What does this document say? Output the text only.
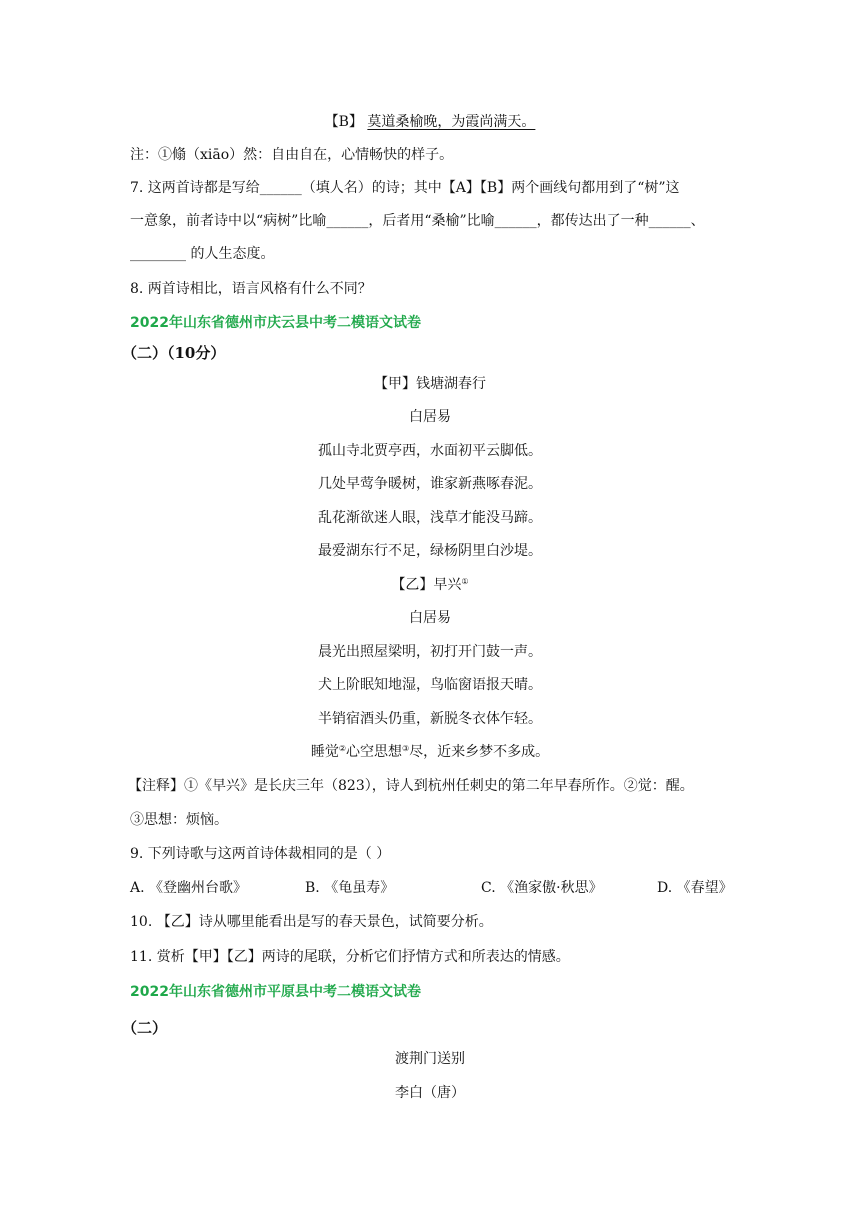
【B】 莫道桑榆晚，为霞尚满天。
注：①翛（xiāo）然：自由自在，心情畅快的样子。
7. 这两首诗都是写给______（填人名）的诗；其中【A】【B】两个画线句都用到了“树”这
一意象，前者诗中以“病树”比喻______，后者用“桑榆”比喻______，都传达出了一种______、
________ 的人生态度。
8. 两首诗相比，语言风格有什么不同？
2022年山东省德州市庆云县中考二模语文试卷
（二）（10分）
【甲】钱塘湖春行
白居易
孤山寺北贾亭西，水面初平云脚低。
几处早莺争暖树，谁家新燕啄春泥。
乱花渐欲迷人眼，浅草才能没马蹄。
最爱湖东行不足，绿杨阴里白沙堤。
【乙】早兴①
白居易
晨光出照屋梁明，初打开门鼓一声。
犬上阶眠知地湿，鸟临窗语报天晴。
半销宿酒头仍重，新脱冬衣体乍轻。
睡觉②心空思想③尽，近来乡梦不多成。
【注释】①《早兴》是长庆三年（823），诗人到杭州任刺史的第二年早春所作。②觉：醒。
③思想：烦恼。
9. 下列诗歌与这两首诗体裁相同的是（ ）
A. 《登幽州台歌》	B. 《龟虽寿》	C. 《渔家傲·秋思》	D. 《春望》
10. 【乙】诗从哪里能看出是写的春天景色，试简要分析。
11. 赏析【甲】【乙】两诗的尾联，分析它们抒情方式和所表达的情感。
2022年山东省德州市平原县中考二模语文试卷
（二）
渡荆门送别
李白（唐）
